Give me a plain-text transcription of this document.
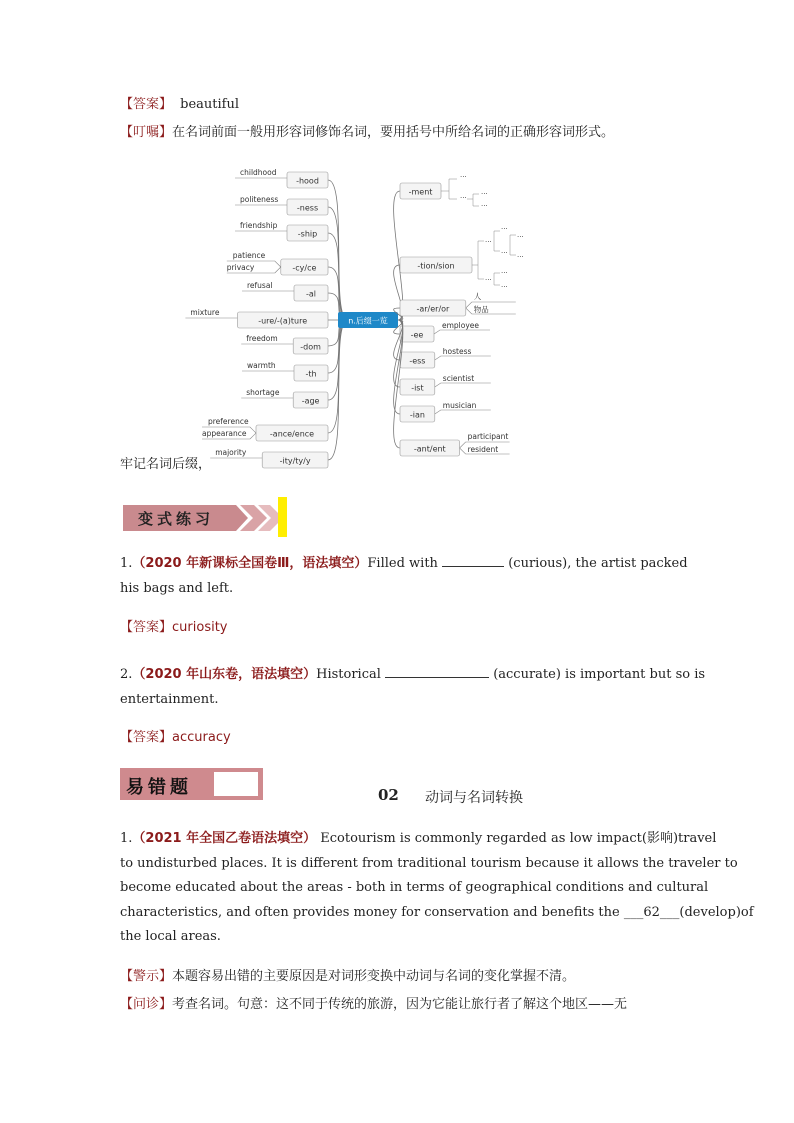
【答案】 beautiful
【叮嘱】在名词前面一般用形容词修饰名词，要用括号中所给名词的正确形容词形式。
-hood
childhood
-ness
politeness
-ship
friendship
-cy/ce
patience
privacy
-al
refusal
-ure/-(a)ture
mixture
-dom
freedom
-th
warmth
-age
shortage
-ance/ence
preference
appearance
-ity/ty/y
majority
n.后缀一览
-ment
...
... ...
...
-tion/sion
...
...
...
...
...
...
...
...
-ar/er/or
人
物品
-ee
employee
-ess
hostess
-ist
scientist
-ian
musician
-ant/ent
participant
resident
牢记名词后缀，
变式练习
1.（2020 年新课标全国卷Ⅲ，语法填空）Filled with	(curious), the artist packed
his bags and left.
【答案】curiosity
2.（2020 年山东卷，语法填空）Historical	(accurate) is important but so is
entertainment.
【答案】accuracy
易错题	02 动词与名词转换
1.（2021 年全国乙卷语法填空） Ecotourism is commonly regarded as low impact(影响)travel
to undisturbed places. It is different from traditional tourism because it allows the traveler to
become educated about the areas - both in terms of geographical conditions and cultural
characteristics, and often provides money for conservation and benefits the ___62___(develop)of
the local areas.
【警示】本题容易出错的主要原因是对词形变换中动词与名词的变化掌握不清。
【问诊】考查名词。句意：这不同于传统的旅游，因为它能让旅行者了解这个地区——无
